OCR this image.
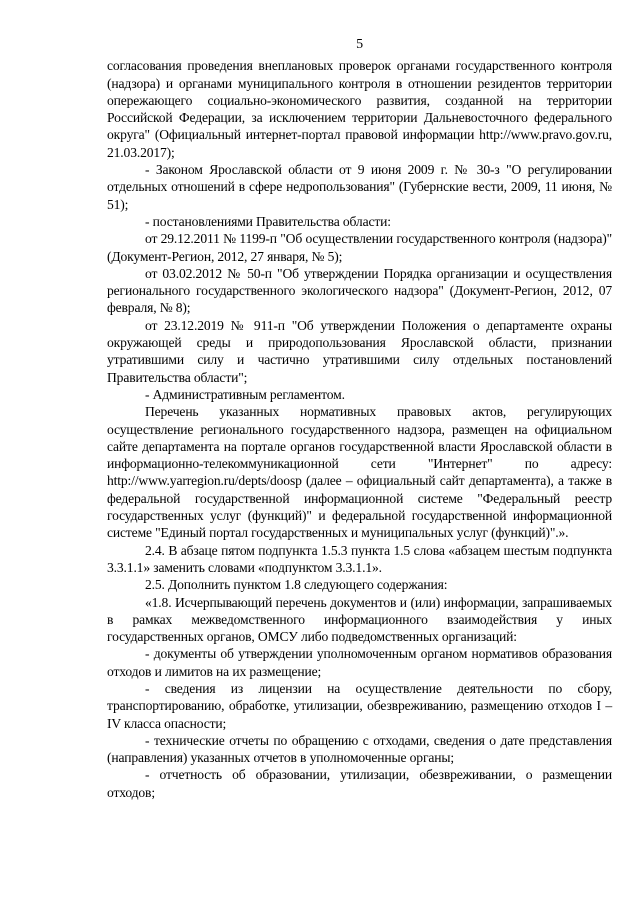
5

согласования проведения внеплановых проверок органами государственного контроля (надзора) и органами муниципального контроля в отношении резидентов территории опережающего социально-экономического развития, созданной на территории Российской Федерации, за исключением территории Дальневосточного федерального округа" (Официальный интернет-портал правовой информации http://www.pravo.gov.ru, 21.03.2017);

- Законом Ярославской области от 9 июня 2009 г. № 30-з "О регулировании отдельных отношений в сфере недропользования" (Губернские вести, 2009, 11 июня, № 51);

- постановлениями Правительства области:

от 29.12.2011 № 1199-п "Об осуществлении государственного контроля (надзора)" (Документ-Регион, 2012, 27 января, № 5);

от 03.02.2012 № 50-п "Об утверждении Порядка организации и осуществления регионального государственного экологического надзора" (Документ-Регион, 2012, 07 февраля, № 8);

от 23.12.2019 № 911-п "Об утверждении Положения о департаменте охраны окружающей среды и природопользования Ярославской области, признании утратившими силу и частично утратившими силу отдельных постановлений Правительства области";

- Административным регламентом.

Перечень указанных нормативных правовых актов, регулирующих осуществление регионального государственного надзора, размещен на официальном сайте департамента на портале органов государственной власти Ярославской области в информационно-телекоммуникационной сети "Интернет" по адресу: http://www.yarregion.ru/depts/doosp (далее – официальный сайт департамента), а также в федеральной государственной информационной системе "Федеральный реестр государственных услуг (функций)" и федеральной государственной информационной системе "Единый портал государственных и муниципальных услуг (функций)".».

2.4. В абзаце пятом подпункта 1.5.3 пункта 1.5 слова «абзацем шестым подпункта 3.3.1.1» заменить словами «подпунктом 3.3.1.1».

2.5. Дополнить пунктом 1.8 следующего содержания:

«1.8. Исчерпывающий перечень документов и (или) информации, запрашиваемых в рамках межведомственного информационного взаимодействия у иных государственных органов, ОМСУ либо подведомственных организаций:

- документы об утверждении уполномоченным органом нормативов образования отходов и лимитов на их размещение;

- сведения из лицензии на осуществление деятельности по сбору, транспортированию, обработке, утилизации, обезвреживанию, размещению отходов I – IV класса опасности;

- технические отчеты по обращению с отходами, сведения о дате представления (направления) указанных отчетов в уполномоченные органы;

- отчетность об образовании, утилизации, обезвреживании, о размещении отходов;
